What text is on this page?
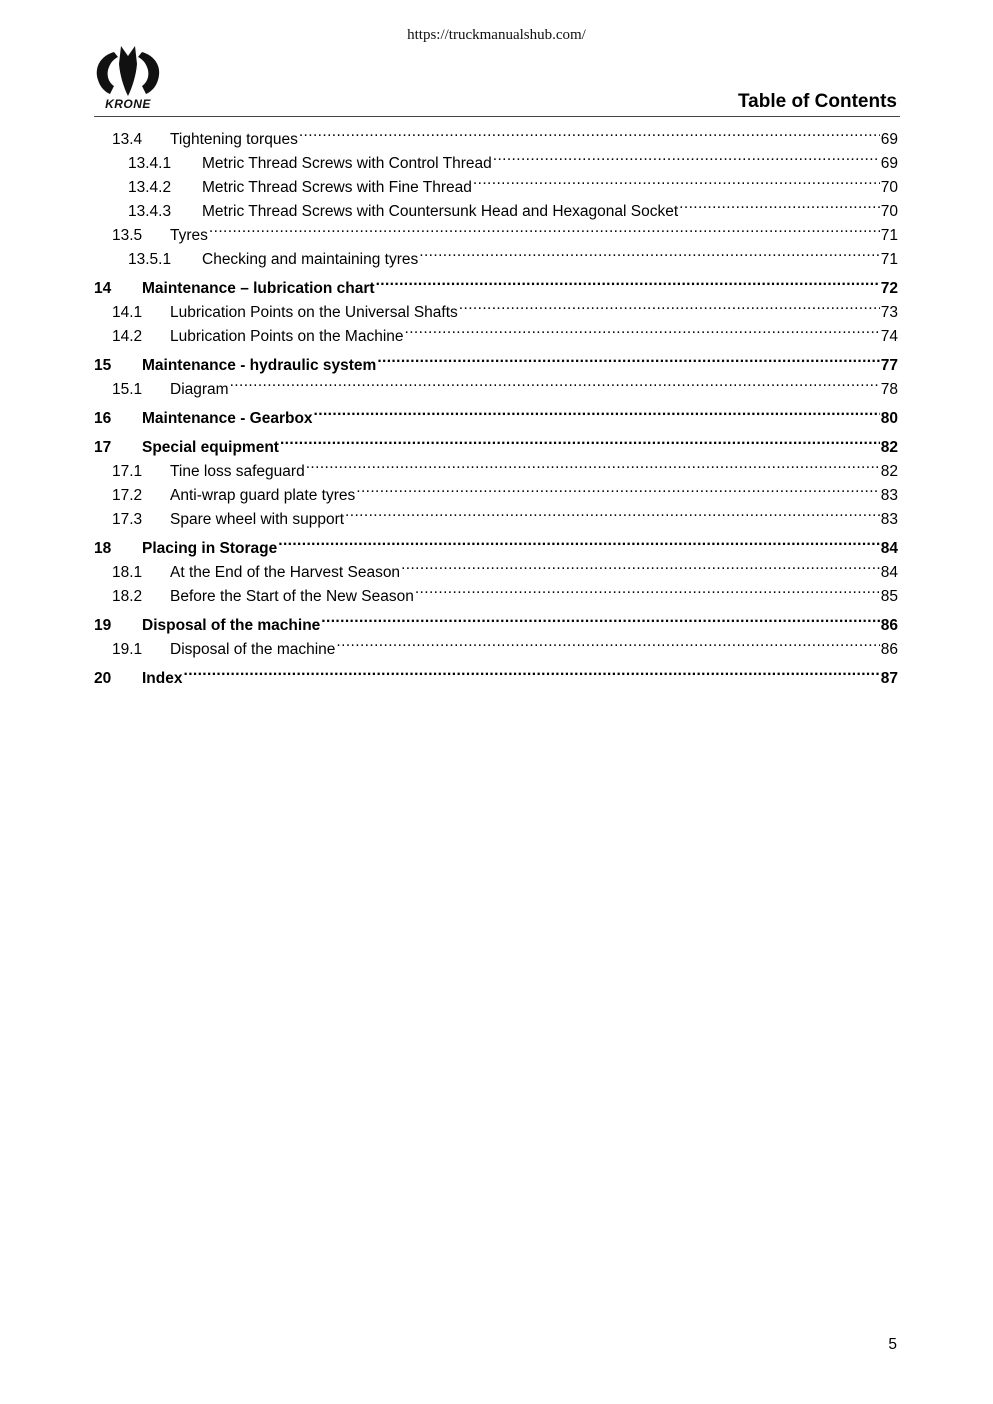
https://truckmanualshub.com/
KRONE	Table of Contents
13.4	Tightening torques .....	69
13.4.1	Metric Thread Screws with Control Thread .....	69
13.4.2	Metric Thread Screws with Fine Thread .....	70
13.4.3	Metric Thread Screws with Countersunk Head and Hexagonal Socket .....	70
13.5	Tyres .....	71
13.5.1	Checking and maintaining tyres .....	71
14	Maintenance – lubrication chart .....	72
14.1	Lubrication Points on the Universal Shafts .....	73
14.2	Lubrication Points on the Machine .....	74
15	Maintenance - hydraulic system .....	77
15.1	Diagram .....	78
16	Maintenance - Gearbox .....	80
17	Special equipment .....	82
17.1	Tine loss safeguard .....	82
17.2	Anti-wrap guard plate tyres .....	83
17.3	Spare wheel with support .....	83
18	Placing in Storage .....	84
18.1	At the End of the Harvest Season .....	84
18.2	Before the Start of the New Season .....	85
19	Disposal of the machine .....	86
19.1	Disposal of the machine .....	86
20	Index .....	87
5
